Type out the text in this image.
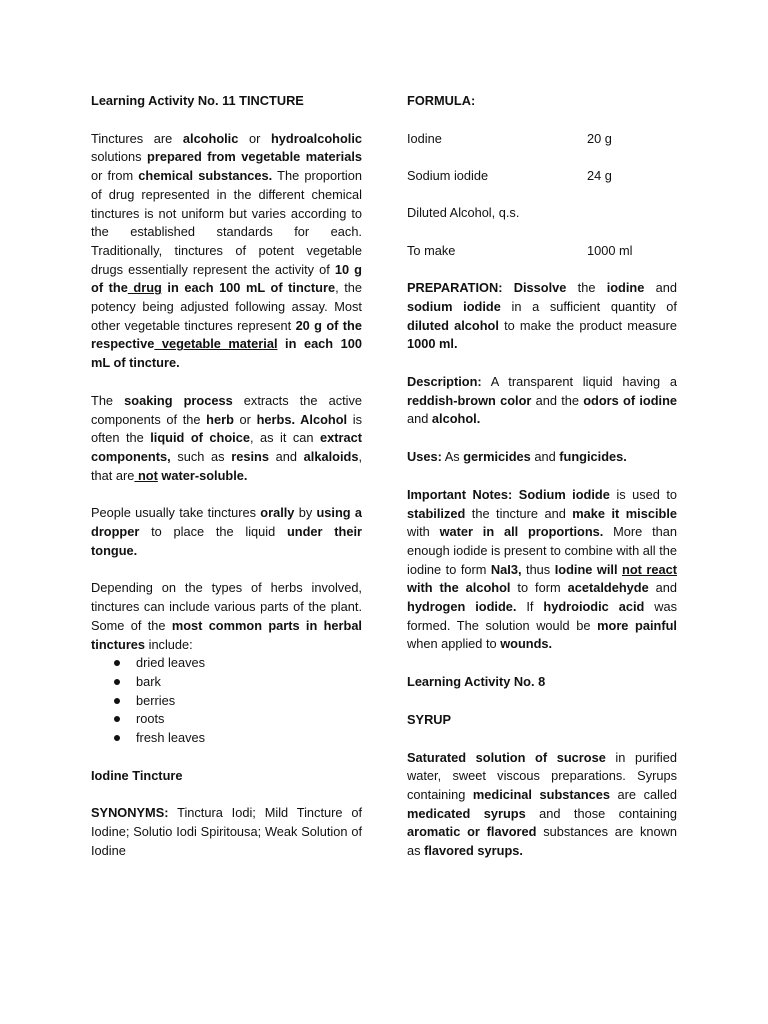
Learning Activity No. 11 TINCTURE

Tinctures are alcoholic or hydroalcoholic solutions prepared from vegetable materials or from chemical substances. The proportion of drug represented in the different chemical tinctures is not uniform but varies according to the established standards for each. Traditionally, tinctures of potent vegetable drugs essentially represent the activity of 10 g of the drug in each 100 mL of tincture, the potency being adjusted following assay. Most other vegetable tinctures represent 20 g of the respective vegetable material in each 100 mL of tincture.

The soaking process extracts the active components of the herb or herbs. Alcohol is often the liquid of choice, as it can extract components, such as resins and alkaloids, that are not water-soluble.

People usually take tinctures orally by using a dropper to place the liquid under their tongue.

Depending on the types of herbs involved, tinctures can include various parts of the plant. Some of the most common parts in herbal tinctures include:

dried leaves
bark
berries
roots
fresh leaves

Iodine Tincture

SYNONYMS: Tinctura Iodi; Mild Tincture of Iodine; Solutio Iodi Spiritousa; Weak Solution of Iodine

FORMULA:

Iodine	20 g
Sodium iodide	24 g
Diluted Alcohol, q.s.
To make	1000 ml

PREPARATION: Dissolve the iodine and sodium iodide in a sufficient quantity of diluted alcohol to make the product measure 1000 ml.

Description: A transparent liquid having a reddish-brown color and the odors of iodine and alcohol.

Uses: As germicides and fungicides.

Important Notes: Sodium iodide is used to stabilized the tincture and make it miscible with water in all proportions. More than enough iodide is present to combine with all the iodine to form NaI3, thus Iodine will not react with the alcohol to form acetaldehyde and hydrogen iodide. If hydroiodic acid was formed. The solution would be more painful when applied to wounds.

Learning Activity No. 8

SYRUP

Saturated solution of sucrose in purified water, sweet viscous preparations. Syrups containing medicinal substances are called medicated syrups and those containing aromatic or flavored substances are known as flavored syrups.
